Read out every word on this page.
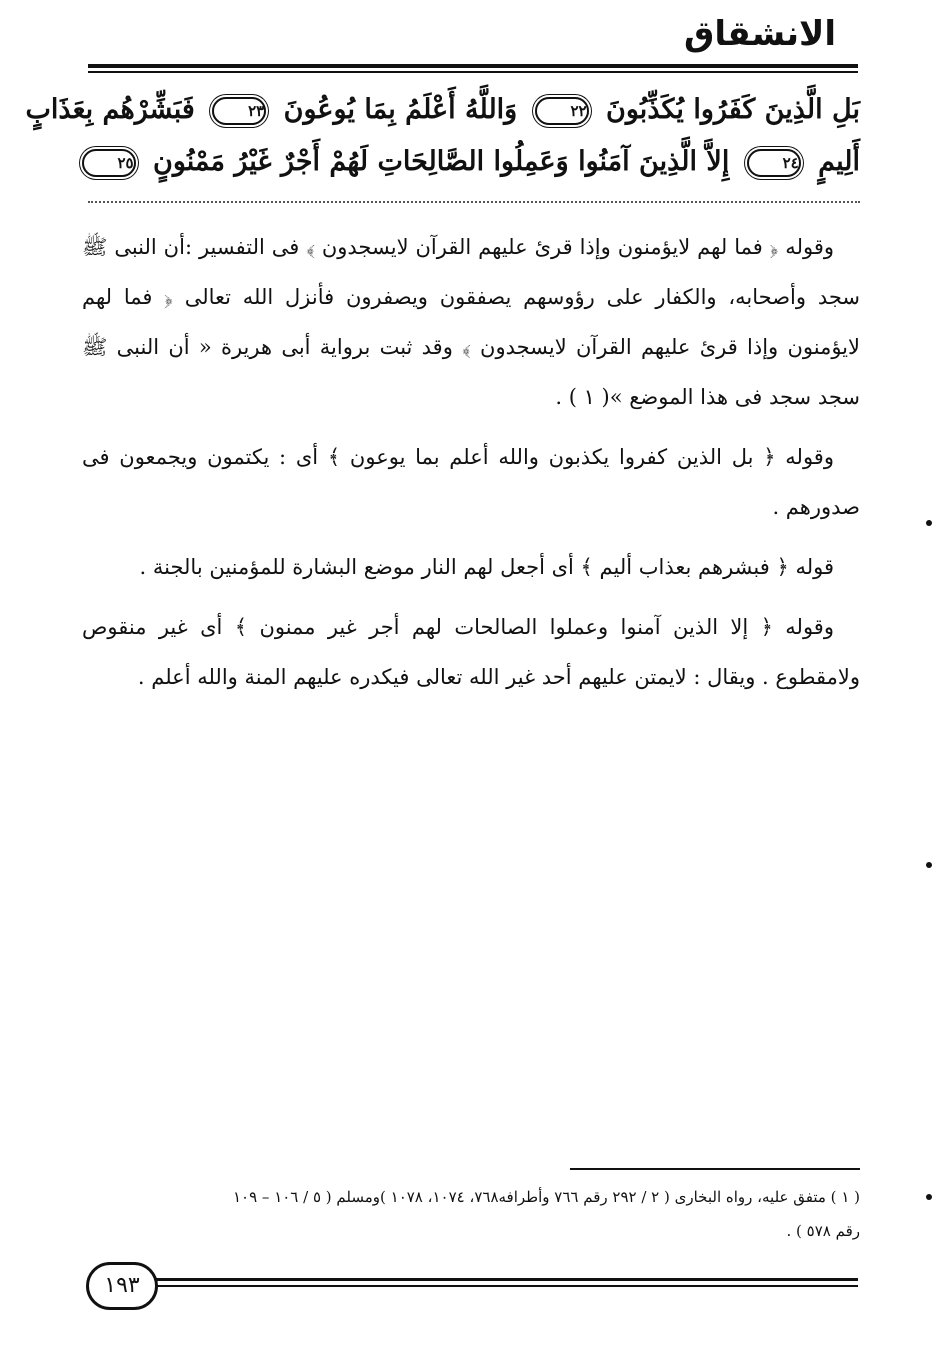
الانشقاق
بَلِ الَّذِينَ كَفَرُوا يُكَذِّبُونَ ٢٢ وَاللَّهُ أَعْلَمُ بِمَا يُوعُونَ ٢٣ فَبَشِّرْهُم بِعَذَابٍ
أَلِيمٍ ٢٤ إِلاَّ الَّذِينَ آمَنُوا وَعَمِلُوا الصَّالِحَاتِ لَهُمْ أَجْرٌ غَيْرُ مَمْنُونٍ ٢٥

وقوله ﴿ فما لهم لايؤمنون وإذا قرئ عليهم القرآن لايسجدون ﴾ فى التفسير :أن النبى ﷺ سجد وأصحابه، والكفار على رؤوسهم يصفقون ويصفرون فأنزل الله تعالى ﴿ فما لهم لايؤمنون وإذا قرئ عليهم القرآن لايسجدون ﴾ وقد ثبت برواية أبى هريرة « أن النبى ﷺ سجد سجد فى هذا الموضع »( ١ ) .

وقوله ﴿ بل الذين كفروا يكذبون والله أعلم بما يوعون ﴾ أى : يكتمون ويجمعون فى صدورهم .

قوله ﴿ فبشرهم بعذاب أليم ﴾ أى أجعل لهم النار موضع البشارة للمؤمنين بالجنة .

وقوله ﴿ إلا الذين آمنوا وعملوا الصالحات لهم أجر غير ممنون ﴾ أى غير منقوص ولامقطوع . ويقال : لايمتن عليهم أحد غير الله تعالى فيكدره عليهم المنة والله أعلم .

( ١ ) متفق عليه، رواه البخارى ( ٢ / ٢٩٢ رقم ٧٦٦ وأطرافه٧٦٨، ١٠٧٤، ١٠٧٨ )ومسلم ( ٥ / ١٠٦ – ١٠٩
رقم ٥٧٨ ) .
١٩٣
